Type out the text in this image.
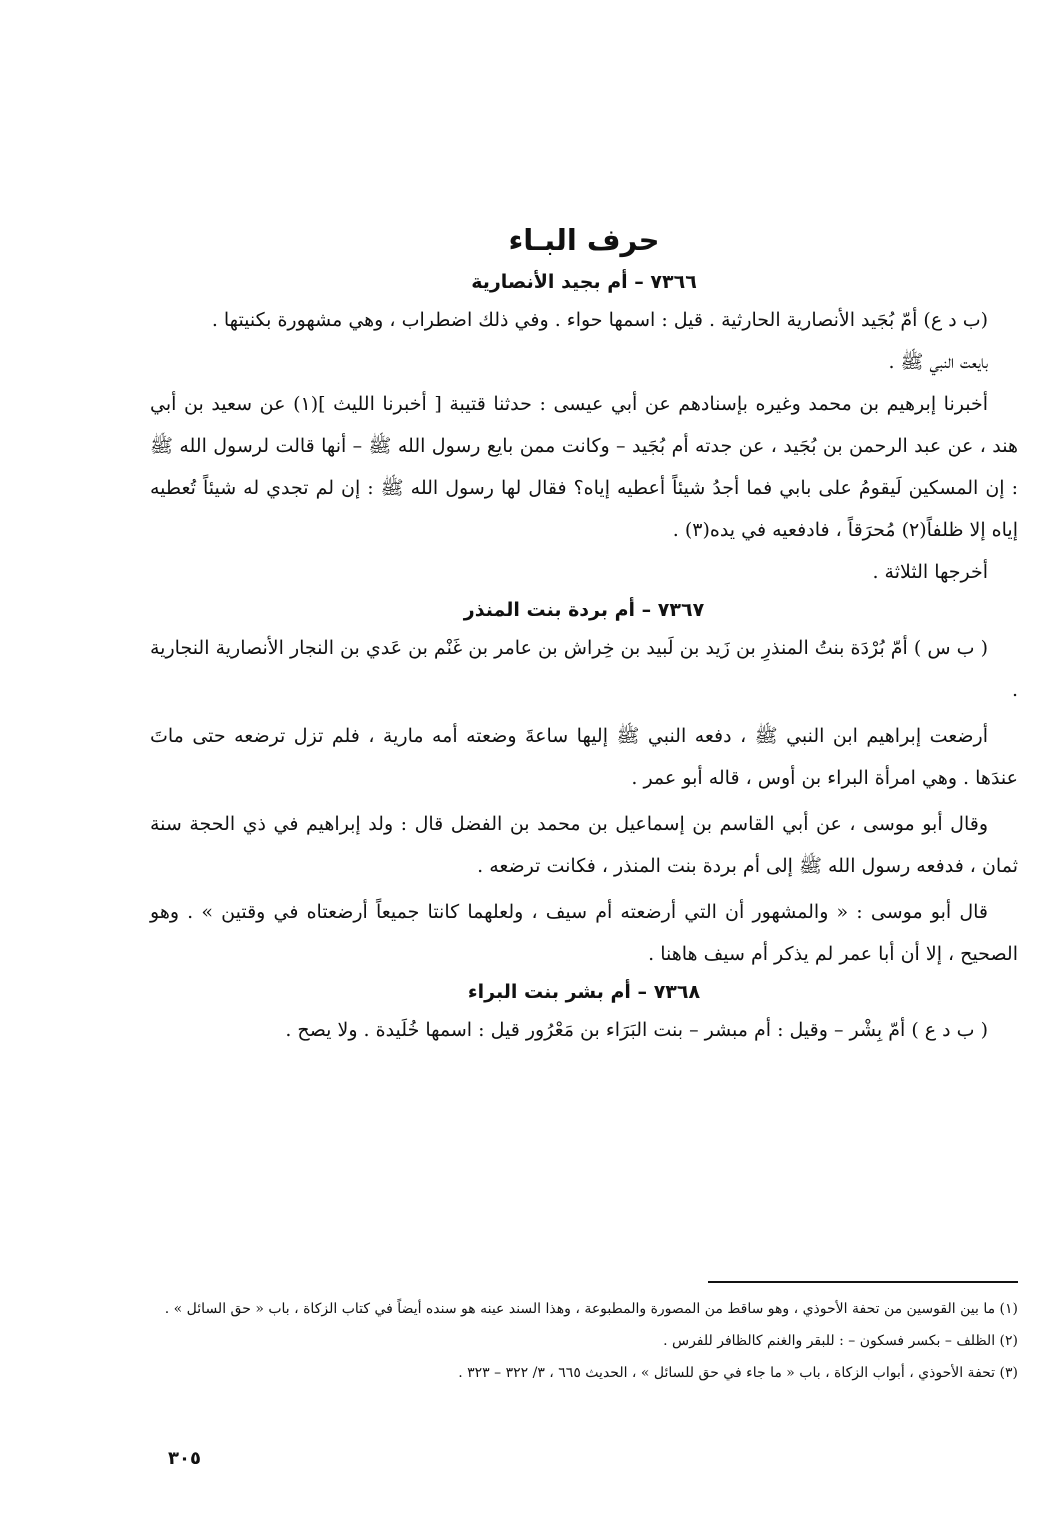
حرف البـاء
٧٣٦٦ – أم بجيد الأنصارية

(ب د ع) أمّ بُجَيد الأنصارية الحارثية . قيل : اسمها حواء . وفي ذلك اضطراب ، وهي مشهورة بكنيتها .

بايعت النبي ﷺ .

أخبرنا إبرهيم بن محمد وغيره بإسنادهم عن أبي عيسى : حدثنا قتيبة [ أخبرنا الليث ](١) عن سعيد بن أبي هند ، عن عبد الرحمن بن بُجَيد ، عن جدته أم بُجَيد – وكانت ممن بايع رسول الله ﷺ – أنها قالت لرسول الله ﷺ : إن المسكين لَيقومُ على بابي فما أجدُ شيئاً أعطيه إياه؟ فقال لها رسول الله ﷺ : إن لم تجدي له شيئاً تُعطيه إياه إلا ظلفاً(٢) مُحرَقاً ، فادفعيه في يده(٣) .

أخرجها الثلاثة .

٧٣٦٧ – أم بردة بنت المنذر

( ب س ) أمّ بُرْدَة بنتُ المنذرِ بن زَيد بن لَبيد بن خِراش بن عامر بن غَنْم بن عَدي بن النجار الأنصارية النجارية .

أرضعت إبراهيم ابن النبي ﷺ ، دفعه النبي ﷺ إليها ساعةَ وضعته أمه مارية ، فلم تزل ترضعه حتى ماتَ عندَها . وهي امرأة البراء بن أوس ، قاله أبو عمر .

وقال أبو موسى ، عن أبي القاسم بن إسماعيل بن محمد بن الفضل قال : ولد إبراهيم في ذي الحجة سنة ثمان ، فدفعه رسول الله ﷺ إلى أم بردة بنت المنذر ، فكانت ترضعه .

قال أبو موسى : « والمشهور أن التي أرضعته أم سيف ، ولعلهما كانتا جميعاً أرضعتاه في وقتين » . وهو الصحيح ، إلا أن أبا عمر لم يذكر أم سيف هاهنا .

٧٣٦٨ – أم بشر بنت البراء

( ب د ع ) أمّ بِشْر – وقيل : أم مبشر – بنت البَرَاء بن مَعْرُور قيل : اسمها خُلَيدة . ولا يصح .

(١) ما بين القوسين من تحفة الأحوذي ، وهو ساقط من المصورة والمطبوعة ، وهذا السند عينه هو سنده أيضاً في كتاب الزكاة ، باب « حق السائل » .

(٢) الظلف – بكسر فسكون – : للبقر والغنم كالظافر للفرس .

(٣) تحفة الأحوذي ، أبواب الزكاة ، باب « ما جاء في حق للسائل » ، الحديث ٦٦٥ ، ٣/ ٣٢٢ – ٣٢٣ .

٣٠٥
